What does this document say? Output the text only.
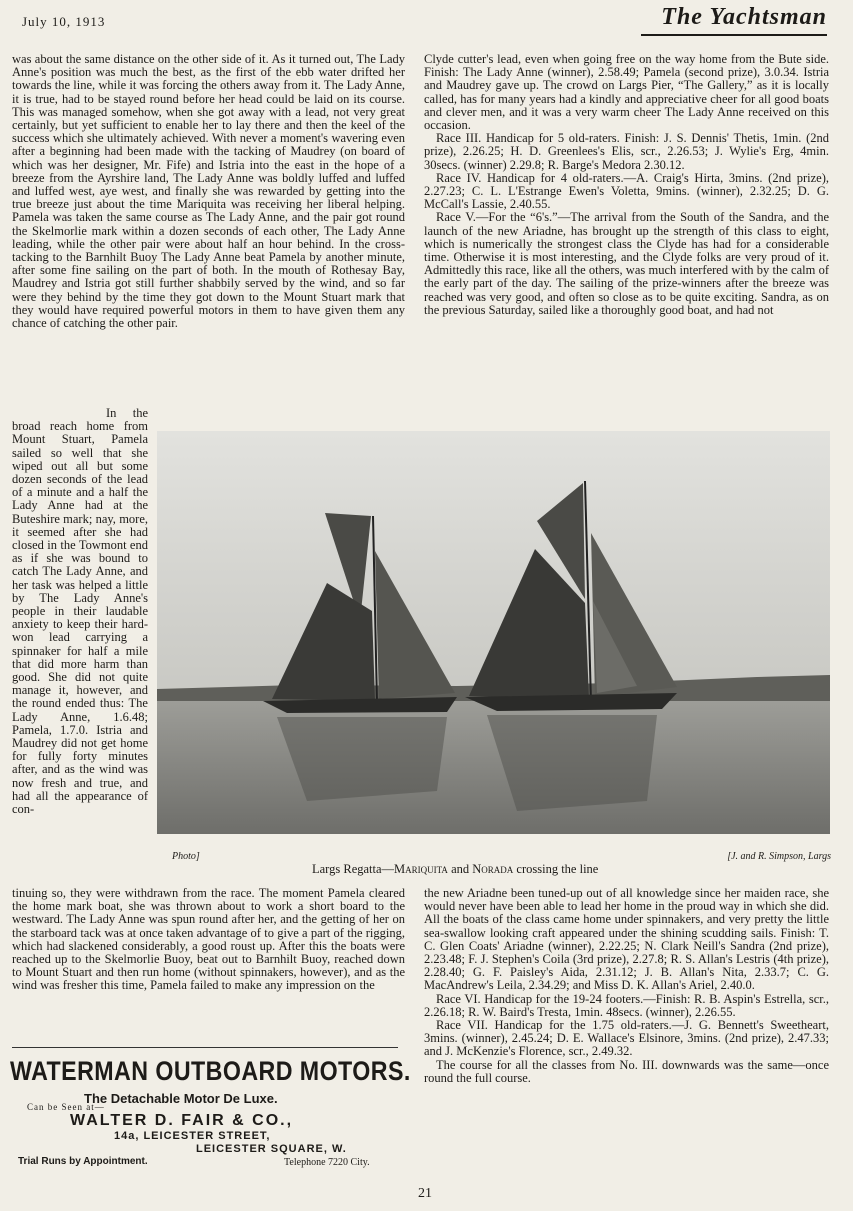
July 10, 1913	The Yachtsman

was about the same distance on the other side of it. As it turned out, The Lady Anne's position was much the best, as the first of the ebb water drifted her towards the line, while it was forcing the others away from it. The Lady Anne, it is true, had to be stayed round before her head could be laid on its course. This was managed somehow, when she got away with a lead, not very great certainly, but yet sufficient to enable her to lay there and then the keel of the success which she ultimately achieved. With never a moment's wavering even after a beginning had been made with the tacking of Maudrey (on board of which was her designer, Mr. Fife) and Istria into the east in the hope of a breeze from the Ayrshire land, The Lady Anne was boldly luffed and luffed and luffed west, aye west, and finally she was rewarded by getting into the true breeze just about the time Mariquita was receiving her liberal helping. Pamela was taken the same course as The Lady Anne, and the pair got round the Skelmorlie mark within a dozen seconds of each other, The Lady Anne leading, while the other pair were about half an hour behind. In the cross-tacking to the Barnhilt Buoy The Lady Anne beat Pamela by another minute, after some fine sailing on the part of both. In the mouth of Rothesay Bay, Maudrey and Istria got still further shabbily served by the wind, and so far were they behind by the time they got down to the Mount Stuart mark that they would have required powerful motors in them to have given them any chance of catching the other pair.

In the broad reach home from Mount Stuart, Pamela sailed so well that she wiped out all but some dozen seconds of the lead of a minute and a half the Lady Anne had at the Buteshire mark; nay, more, it seemed after she had closed in the Towmont end as if she was bound to catch The Lady Anne, and her task was helped a little by The Lady Anne's people in their laudable anxiety to keep their hard-won lead carrying a spinnaker for half a mile that did more harm than good. She did not quite manage it, however, and the round ended thus: The Lady Anne, 1.6.48; Pamela, 1.7.0. Istria and Maudrey did not get home for fully forty minutes after, and as the wind was now fresh and true, and had all the appearance of con-

tinuing so, they were withdrawn from the race. The moment Pamela cleared the home mark boat, she was thrown about to work a short board to the westward. The Lady Anne was spun round after her, and the getting of her on the starboard tack was at once taken advantage of to give a part of the rigging, which had slackened considerably, a good roust up. After this the boats were reached up to the Skelmorlie Buoy, beat out to Barnhilt Buoy, reached down to Mount Stuart and then run home (without spinnakers, however), and as the wind was fresher this time, Pamela failed to make any impression on the

Clyde cutter's lead, even when going free on the way home from the Bute side. Finish: The Lady Anne (winner), 2.58.49; Pamela (second prize), 3.0.34. Istria and Maudrey gave up. The crowd on Largs Pier, “The Gallery,” as it is locally called, has for many years had a kindly and appreciative cheer for all good boats and clever men, and it was a very warm cheer The Lady Anne received on this occasion.

Race III. Handicap for 5 old-raters. Finish: J. S. Dennis' Thetis, 1min. (2nd prize), 2.26.25; H. D. Greenlees's Elis, scr., 2.26.53; J. Wylie's Erg, 4min. 30secs. (winner) 2.29.8; R. Barge's Medora 2.30.12.

Race IV. Handicap for 4 old-raters.—A. Craig's Hirta, 3mins. (2nd prize), 2.27.23; C. L. L'Estrange Ewen's Voletta, 9mins. (winner), 2.32.25; D. G. McCall's Lassie, 2.40.55.

Race V.—For the “6's.”—The arrival from the South of the Sandra, and the launch of the new Ariadne, has brought up the strength of this class to eight, which is numerically the strongest class the Clyde has had for a considerable time. Otherwise it is most interesting, and the Clyde folks are very proud of it. Admittedly this race, like all the others, was much interfered with by the calm of the early part of the day. The sailing of the prize-winners after the breeze was reached was very good, and often so close as to be quite exciting. Sandra, as on the previous Saturday, sailed like a thoroughly good boat, and had not

Photo]	[J. and R. Simpson, Largs
Largs Regatta—Mariquita and Norada crossing the line

the new Ariadne been tuned-up out of all knowledge since her maiden race, she would never have been able to lead her home in the proud way in which she did. All the boats of the class came home under spinnakers, and very pretty the little sea-swallow looking craft appeared under the shining scudding sails. Finish: T. C. Glen Coats' Ariadne (winner), 2.22.25; N. Clark Neill's Sandra (2nd prize), 2.23.48; F. J. Stephen's Coila (3rd prize), 2.27.8; R. S. Allan's Lestris (4th prize), 2.28.40; G. F. Paisley's Aida, 2.31.12; J. B. Allan's Nita, 2.33.7; C. G. MacAndrew's Leila, 2.34.29; and Miss D. K. Allan's Ariel, 2.40.0.

Race VI. Handicap for the 19-24 footers.—Finish: R. B. Aspin's Estrella, scr., 2.26.18; R. W. Baird's Tresta, 1min. 48secs. (winner), 2.26.55.

Race VII. Handicap for the 1.75 old-raters.—J. G. Bennett's Sweetheart, 3mins. (winner), 2.45.24; D. E. Wallace's Elsinore, 3mins. (2nd prize), 2.47.33; and J. McKenzie's Florence, scr., 2.49.32.

The course for all the classes from No. III. downwards was the same—once round the full course.

WATERMAN OUTBOARD MOTORS.
The Detachable Motor De Luxe.
Can be Seen at—
WALTER D. FAIR & CO.,
14a, LEICESTER STREET,
LEICESTER SQUARE, W.
Trial Runs by Appointment.	Telephone 7220 City.
21
